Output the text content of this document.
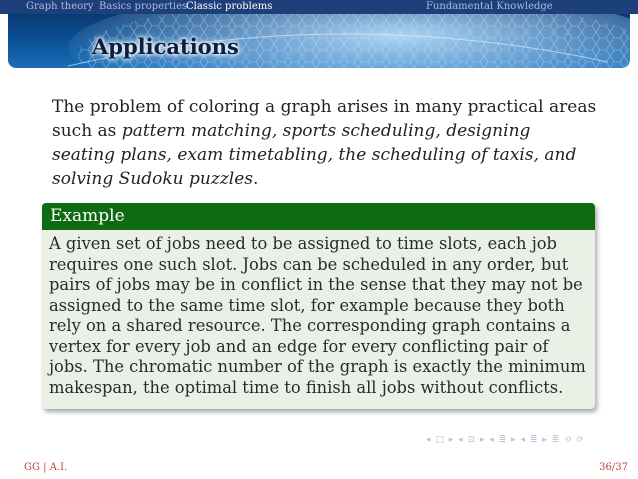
Graph theory Basics properties
Classic problems	Fundamental Knowledge
Applications
The problem of coloring a graph arises in many practical areas such as pattern matching, sports scheduling, designing seating plans, exam timetabling, the scheduling of taxis, and solving Sudoku puzzles.
Example
A given set of jobs need to be assigned to time slots, each job requires one such slot. Jobs can be scheduled in any order, but pairs of jobs may be in conflict in the sense that they may not be assigned to the same time slot, for example because they both rely on a shared resource. The corresponding graph contains a vertex for every job and an edge for every conflicting pair of jobs. The chromatic number of the graph is exactly the minimum makespan, the optimal time to finish all jobs without conflicts.
◂ □ ▸ ◂ ⊡ ▸ ◂ ≣ ▸ ◂ ≣ ▸ ≣ ⟲ ⟳
GG | A.I.	36/37
